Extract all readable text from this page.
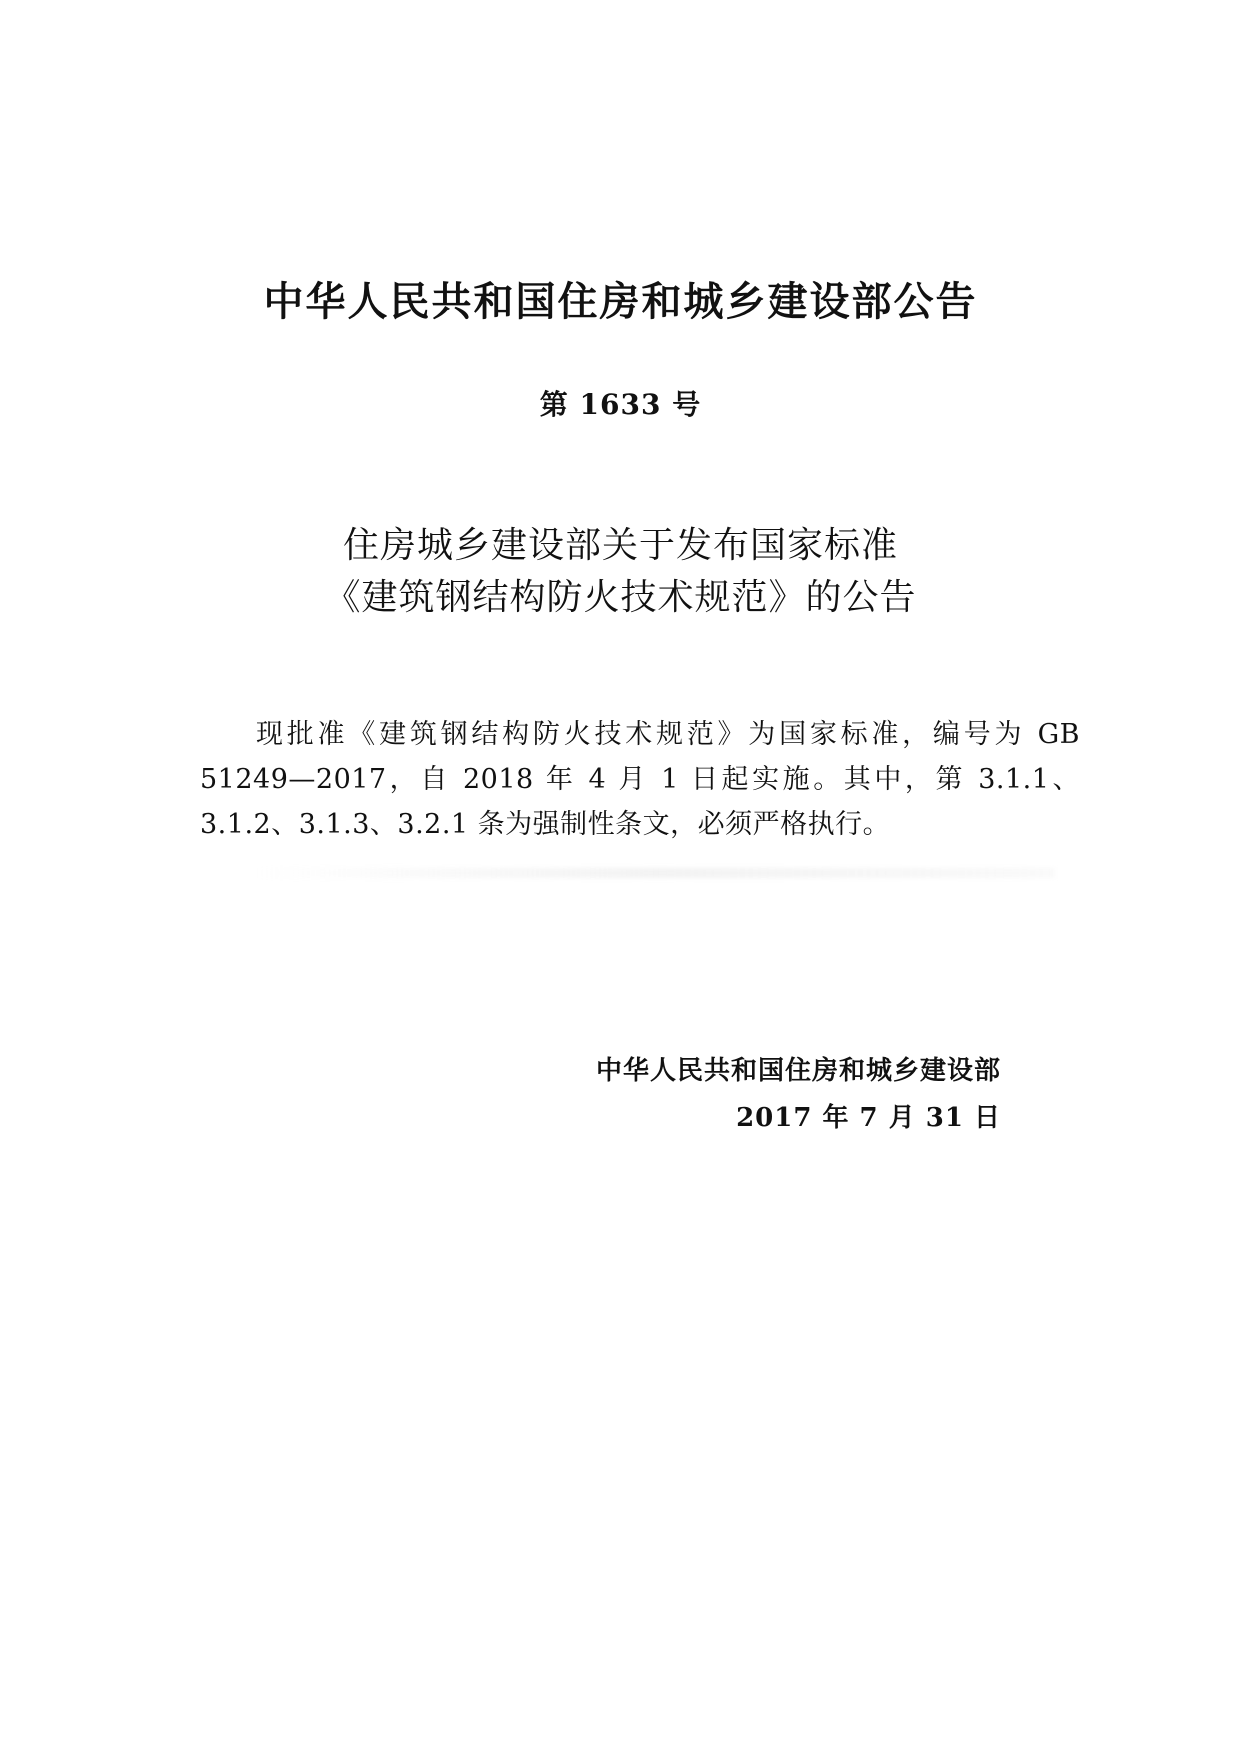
中华人民共和国住房和城乡建设部公告
第 1633 号
住房城乡建设部关于发布国家标准
《建筑钢结构防火技术规范》的公告

现批准《建筑钢结构防火技术规范》为国家标准，编号为 GB 51249—2017，自 2018 年 4 月 1 日起实施。其中，第 3.1.1、3.1.2、3.1.3、3.2.1 条为强制性条文，必须严格执行。

中华人民共和国住房和城乡建设部

2017 年 7 月 31 日
